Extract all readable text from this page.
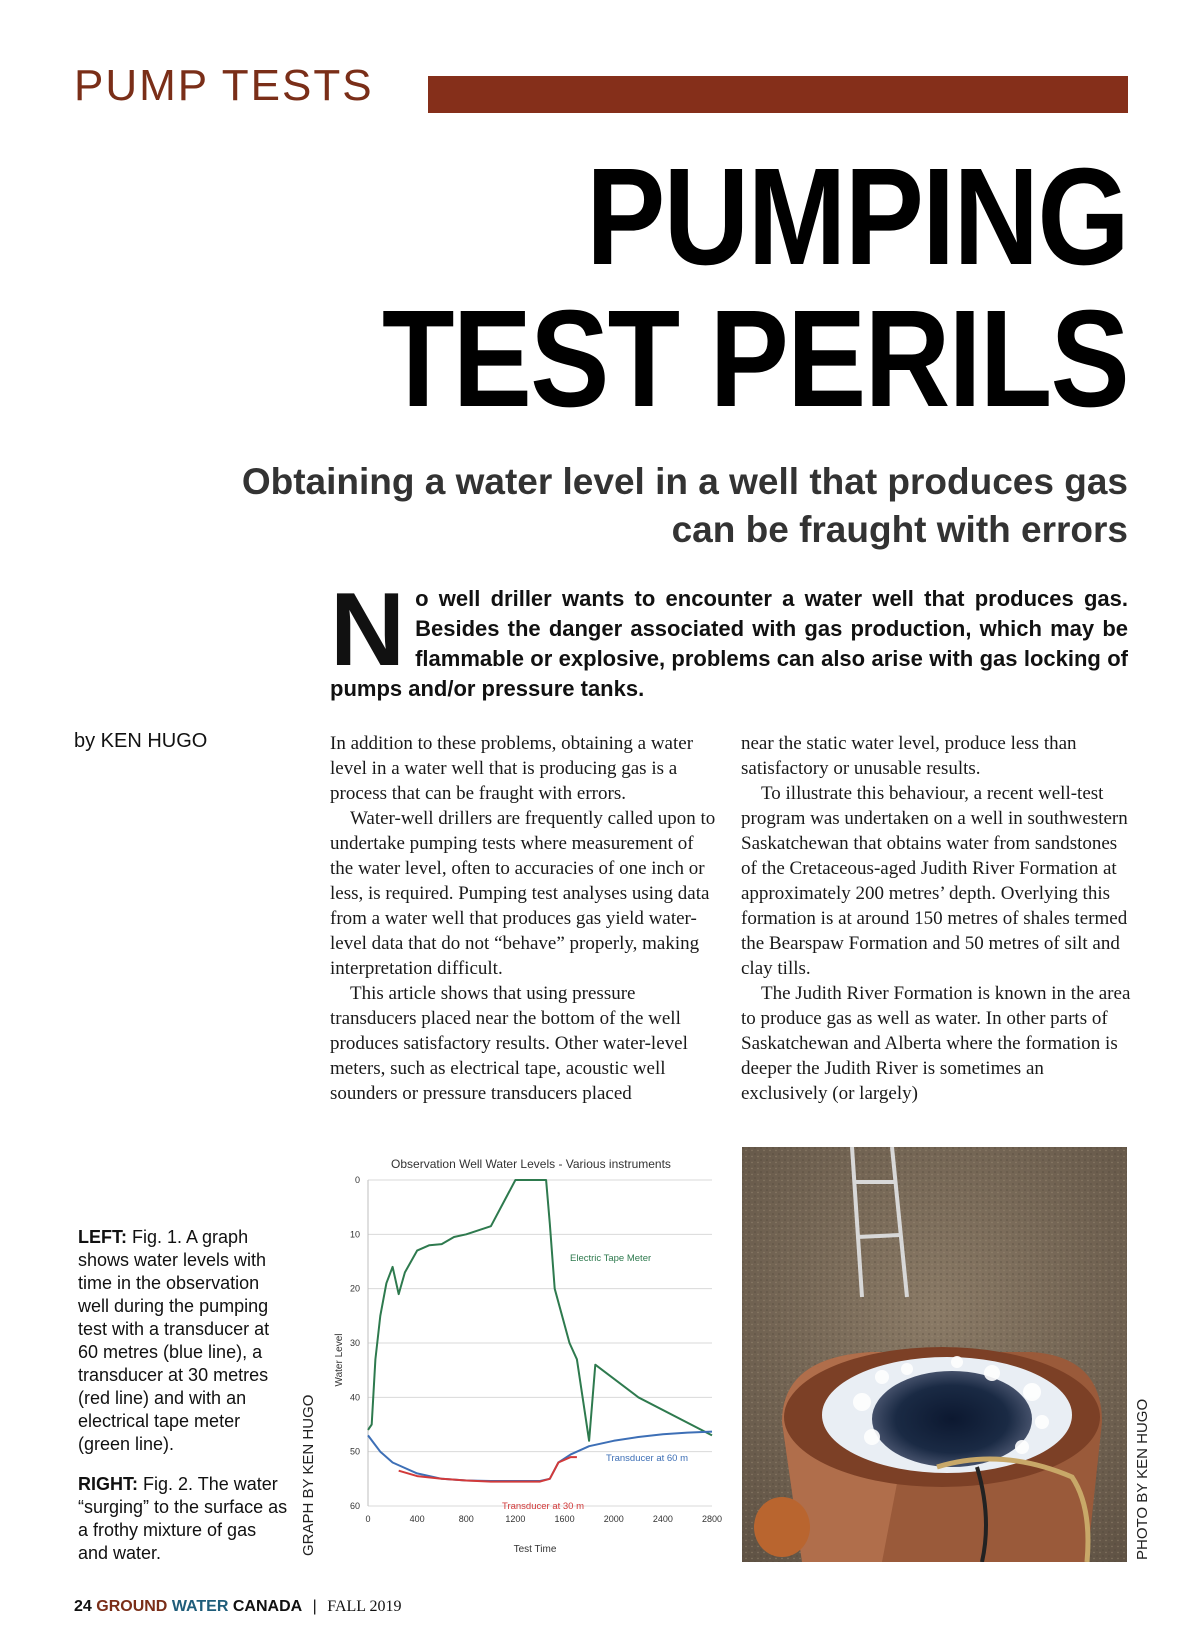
PUMP TESTS
PUMPING
TEST PERILS
Obtaining a water level in a well that produces gas
can be fraught with errors
N o well driller wants to encounter a water well that produces gas. Besides the danger associated with gas production, which may be flammable or explosive, problems can also arise with gas locking of pumps and/or pressure tanks.
by KEN HUGO	In addition to these problems, obtaining a water level in a water well that is producing gas is a process that can be fraught with errors.

Water-well drillers are frequently called upon to undertake pumping tests where measurement of the water level, often to accuracies of one inch or less, is required. Pumping test analyses using data from a water well that produces gas yield water-level data that do not “behave” properly, making interpretation difficult.

This article shows that using pressure transducers placed near the bottom of the well produces satisfactory results. Other water-level meters, such as electrical tape, acoustic well sounders or pressure transducers placed

near the static water level, produce less than satisfactory or unusable results.

To illustrate this behaviour, a recent well-test program was undertaken on a well in southwestern Saskatchewan that obtains water from sandstones of the Cretaceous-aged Judith River Formation at approximately 200 metres’ depth. Overlying this formation is at around 150 metres of shales termed the Bearspaw Formation and 50 metres of silt and clay tills.

The Judith River Formation is known in the area to produce gas as well as water. In other parts of Saskatchewan and Alberta where the formation is deeper the Judith River is sometimes an exclusively (or largely)

Observation Well Water Levels - Various instruments
0
10
20
30
40
50
60
0	400	800	1200	1600	2000	2400	2800
Electric Tape Meter
Transducer at 60 m
Transducer at 30 m
Test Time
Water Level
GRAPH BY KEN HUGO	PHOTO BY KEN HUGO
LEFT: Fig. 1. A graph shows water levels with time in the observation well during the pumping test with a transducer at 60 metres (blue line), a transducer at 30 metres (red line) and with an electrical tape meter (green line).
RIGHT: Fig. 2. The water “surging” to the surface as a frothy mixture of gas and water.
24 GROUND WATER CANADA | FALL 2019
